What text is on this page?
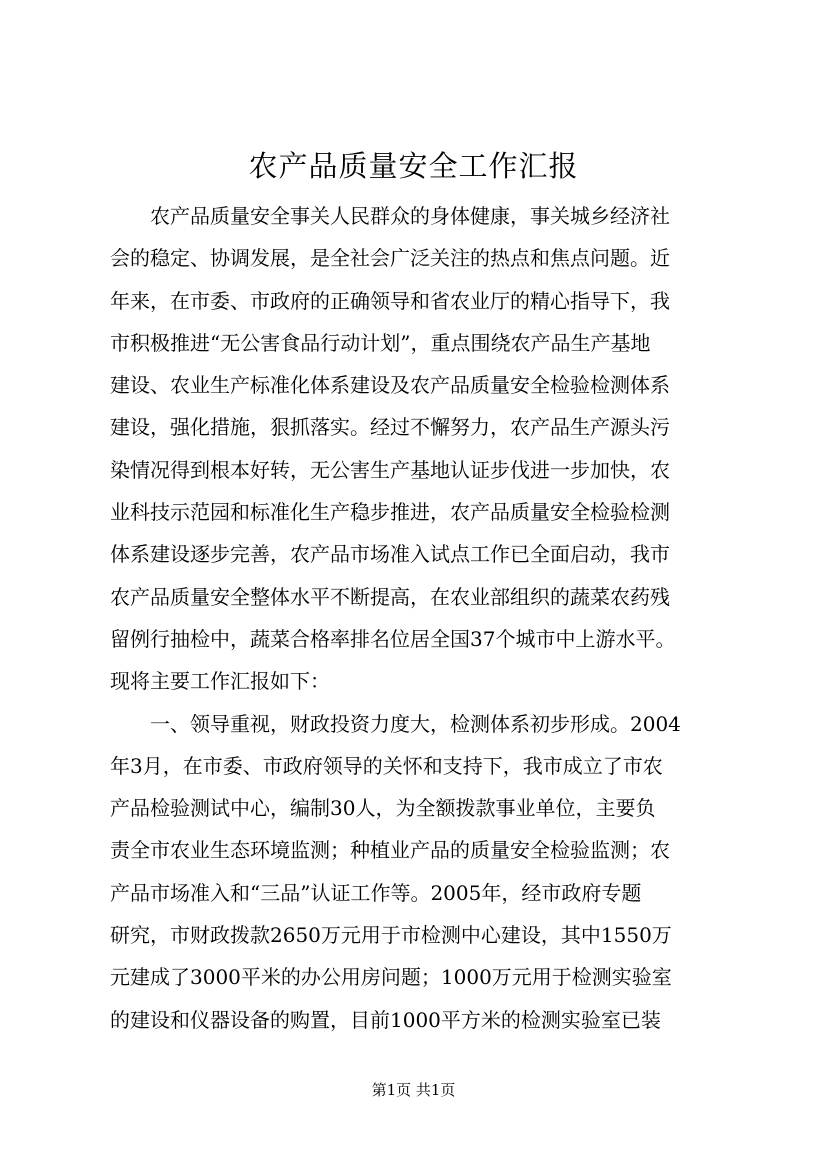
农产品质量安全工作汇报
　　农产品质量安全事关人民群众的身体健康，事关城乡经济社
会的稳定、协调发展，是全社会广泛关注的热点和焦点问题。近
年来，在市委、市政府的正确领导和省农业厅的精心指导下，我
市积极推进“无公害食品行动计划”，重点围绕农产品生产基地
建设、农业生产标准化体系建设及农产品质量安全检验检测体系
建设，强化措施，狠抓落实。经过不懈努力，农产品生产源头污
染情况得到根本好转，无公害生产基地认证步伐进一步加快，农
业科技示范园和标准化生产稳步推进，农产品质量安全检验检测
体系建设逐步完善，农产品市场准入试点工作已全面启动，我市
农产品质量安全整体水平不断提高，在农业部组织的蔬菜农药残
留例行抽检中，蔬菜合格率排名位居全国37个城市中上游水平。
现将主要工作汇报如下：
　　一、领导重视，财政投资力度大，检测体系初步形成。2004
年3月，在市委、市政府领导的关怀和支持下，我市成立了市农
产品检验测试中心，编制30人，为全额拨款事业单位，主要负
责全市农业生态环境监测；种植业产品的质量安全检验监测；农
产品市场准入和“三品”认证工作等。2005年，经市政府专题
研究，市财政拨款2650万元用于市检测中心建设，其中1550万
元建成了3000平米的办公用房问题；1000万元用于检测实验室
的建设和仪器设备的购置，目前1000平方米的检测实验室已装
第1页 共1页
